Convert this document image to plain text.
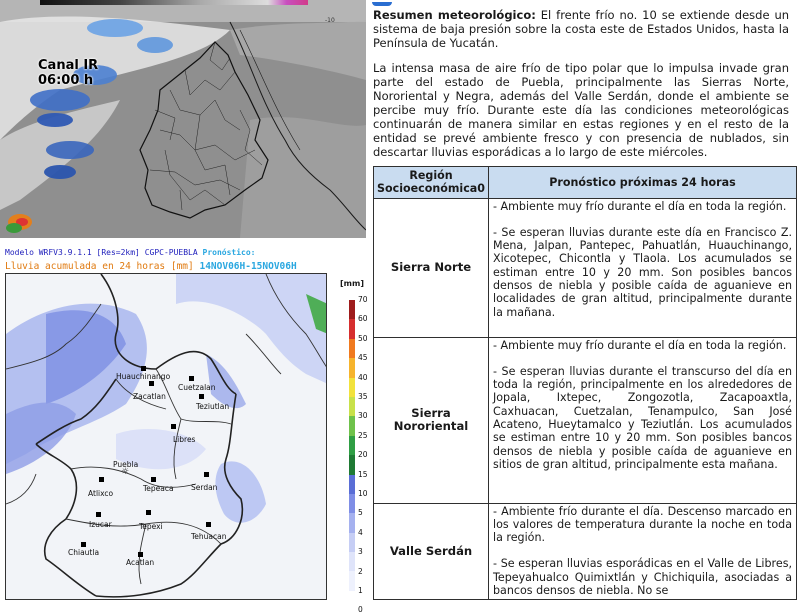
-10
Canal IR
06:00 h
Modelo WRFV3.9.1.1 [Res=2km] CGPC-PUEBLA Pronóstico:
Lluvia acumulada en 24 horas [mm] 14NOV06H-15NOV06H
Huauchinango
Zacatlan
Cuetzalan
Teziutlan
Libres
Puebla
☼
Atlixco
Tepeaca Serdan
Izucar	Tepexi
Tehuacan
Chiautla
Acatlan
[mm]
70
60
50
45
40
35
30
25
20
15
10
5
4
3
2
1
0

Resumen meteorológico: El frente frío no. 10 se extiende desde un sistema de baja presión sobre la costa este de Estados Unidos, hasta la Península de Yucatán.

La intensa masa de aire frío de tipo polar que lo impulsa invade gran parte del estado de Puebla, principalmente las Sierras Norte, Nororiental y Negra, además del Valle Serdán, donde el ambiente se percibe muy frío. Durante este día las condiciones meteorológicas continuarán de manera similar en estas regiones y en el resto de la entidad se prevé ambiente fresco y con presencia de nublados, sin descartar lluvias esporádicas a lo largo de este miércoles.

Región Socioeconómica0	Pronóstico próximas 24 horas
Sierra Norte	- Ambiente muy frío durante el día en toda la región.

- Se esperan lluvias durante este día en Francisco Z. Mena, Jalpan, Pantepec, Pahuatlán, Huauchinango, Xicotepec, Chicontla y Tlaola. Los acumulados se estiman entre 10 y 20 mm. Son posibles bancos densos de niebla y posible caída de aguanieve en localidades de gran altitud, principalmente durante la mañana.

Sierra Nororiental	- Ambiente muy frío durante el día en toda la región.

- Se esperan lluvias durante el transcurso del día en toda la región, principalmente en los alrededores de Jopala, Ixtepec, Zongozotla, Zacapoaxtla, Caxhuacan, Cuetzalan, Tenampulco, San José Acateno, Hueytamalco y Teziutlán. Los acumulados se estiman entre 10 y 20 mm. Son posibles bancos densos de niebla y posible caída de aguanieve en sitios de gran altitud, principalmente esta mañana.

Valle Serdán	- Ambiente frío durante el día. Descenso marcado en los valores de temperatura durante la noche en toda la región.

- Se esperan lluvias esporádicas en el Valle de Libres, Tepeyahualco Quimixtlán y Chichiquila, asociadas a bancos densos de niebla. No se
